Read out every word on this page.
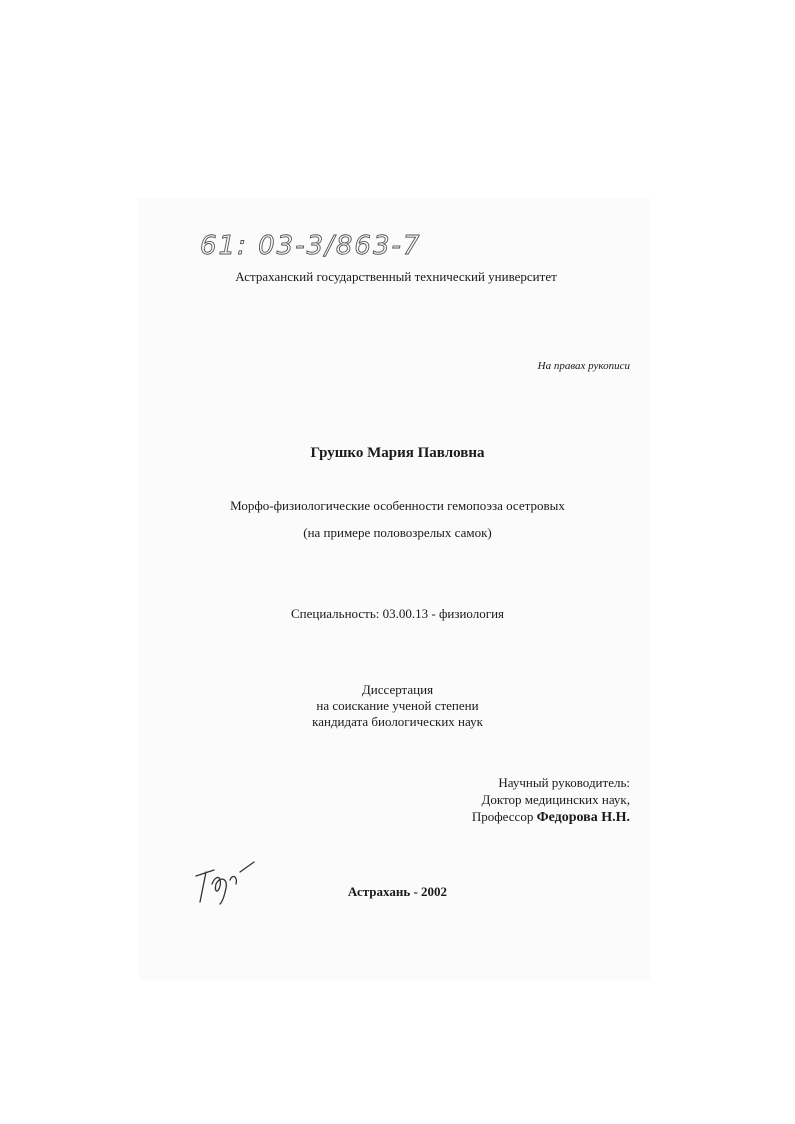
61: 03-3/863-7
Астраханский государственный технический университет
На правах рукописи
Грушко Мария Павловна
Морфо-физиологические особенности гемопоэза осетровых
(на примере половозрелых самок)
Специальность: 03.00.13 - физиология
Диссертация
на соискание ученой степени
кандидата биологических наук
Научный руководитель:
Доктор медицинских наук,
Профессор Федорова Н.Н.
Астрахань - 2002
